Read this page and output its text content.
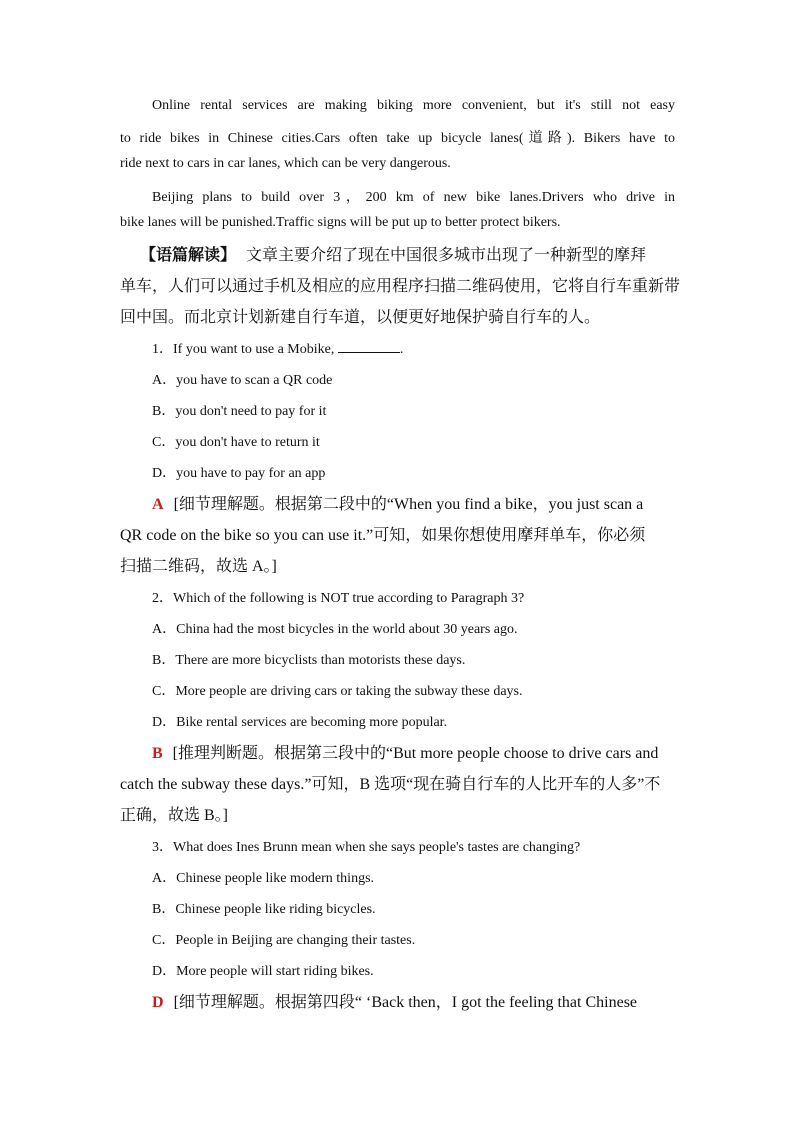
Online rental services are making biking more convenient, but it's still not easy
to ride bikes in Chinese cities.Cars often take up bicycle lanes(道路). Bikers have to
ride next to cars in car lanes, which can be very dangerous.
Beijing plans to build over 3，200 km of new bike lanes.Drivers who drive in
bike lanes will be punished.Traffic signs will be put up to better protect bikers.
【语篇解读】 文章主要介绍了现在中国很多城市出现了一种新型的摩拜
单车，人们可以通过手机及相应的应用程序扫描二维码使用，它将自行车重新带
回中国。而北京计划新建自行车道，以便更好地保护骑自行车的人。
1．If you want to use a Mobike,	.
A．you have to scan a QR code
B．you don't need to pay for it
C．you don't have to return it
D．you have to pay for an app
A [细节理解题。根据第二段中的“When you find a bike，you just scan a
QR code on the bike so you can use it.”可知，如果你想使用摩拜单车，你必须
扫描二维码，故选 A。]
2．Which of the following is NOT true according to Paragraph 3?
A．China had the most bicycles in the world about 30 years ago.
B．There are more bicyclists than motorists these days.
C．More people are driving cars or taking the subway these days.
D．Bike rental services are becoming more popular.
B [推理判断题。根据第三段中的“But more people choose to drive cars and
catch the subway these days.”可知，B 选项“现在骑自行车的人比开车的人多”不
正确，故选 B。]
3．What does Ines Brunn mean when she says people's tastes are changing?
A．Chinese people like modern things.
B．Chinese people like riding bicycles.
C．People in Beijing are changing their tastes.
D．More people will start riding bikes.
D [细节理解题。根据第四段“ ‘Back then，I got the feeling that Chinese
